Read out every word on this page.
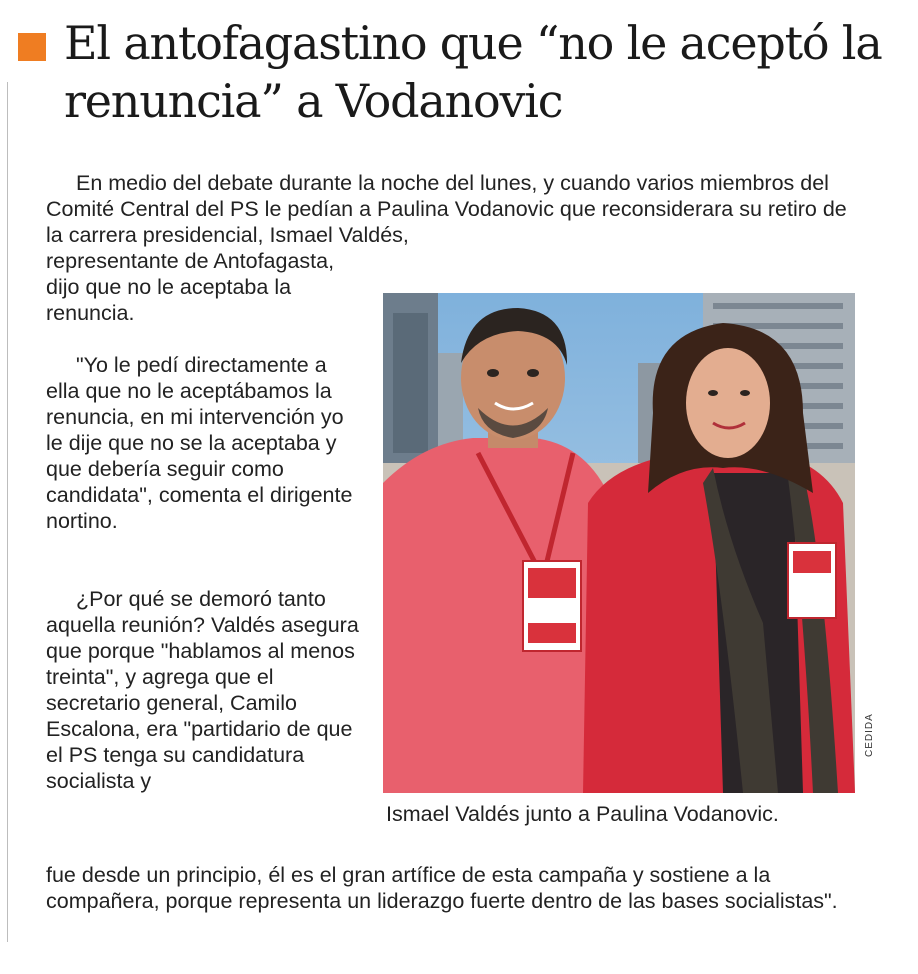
El antofagastino que “no le aceptó la renuncia” a Vodanovic

En medio del debate durante la noche del lunes, y cuando varios miembros del Comité Central del PS le pedían a Paulina Vodanovic que reconsiderara su retiro de la carrera presidencial, Ismael Valdés,

representante de Antofagasta, dijo que no le aceptaba la renuncia.

"Yo le pedí directamente a ella que no le aceptábamos la renuncia, en mi intervención yo le dije que no se la aceptaba y que debería seguir como candidata", comenta el dirigente nortino.

¿Por qué se demoró tanto aquella reunión? Valdés asegura que porque "hablamos al menos treinta", y agrega que el secretario general, Camilo Escalona, era "partidario de que el PS tenga su candidatura socialista y

fue desde un principio, él es el gran artífice de esta campaña y sostiene a la compañera, porque representa un liderazgo fuerte dentro de las bases socialistas".

CEDIDA

Ismael Valdés junto a Paulina Vodanovic.
